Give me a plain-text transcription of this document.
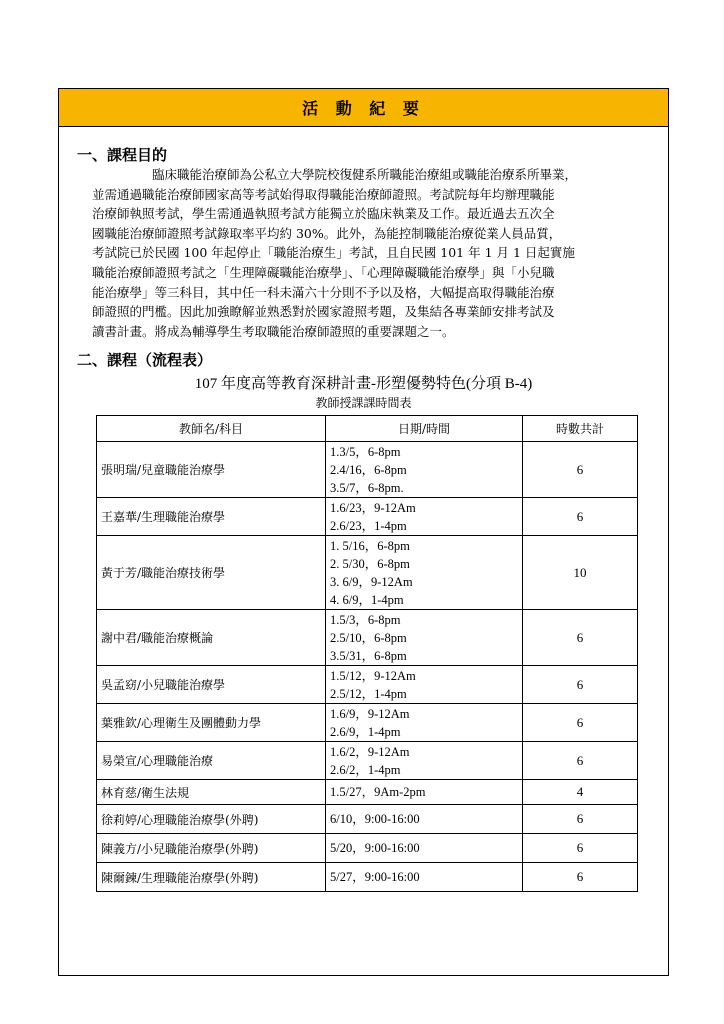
活 動 紀 要
一、課程目的
臨床職能治療師為公私立大學院校復健系所職能治療組或職能治療系所畢業，
並需通過職能治療師國家高等考試始得取得職能治療師證照。考試院每年均辦理職能
治療師執照考試，學生需通過執照考試方能獨立於臨床執業及工作。最近過去五次全
國職能治療師證照考試錄取率平均約 30%。此外，為能控制職能治療從業人員品質，
考試院已於民國 100 年起停止「職能治療生」考試，且自民國 101 年 1 月 1 日起實施
職能治療師證照考試之「生理障礙職能治療學」、「心理障礙職能治療學」與「小兒職
能治療學」等三科目，其中任一科未滿六十分則不予以及格，大幅提高取得職能治療
師證照的門檻。因此加強瞭解並熟悉對於國家證照考題，及集結各專業師安排考試及
讀書計畫。將成為輔導學生考取職能治療師證照的重要課題之一。
二、課程（流程表）
107 年度高等教育深耕計畫-形塑優勢特色(分項 B-4)
教師授課課時間表
教師名/科目	日期/時間	時數共計
張明瑞/兒童職能治療學	1.3/5，6-8pm
2.4/16，6-8pm
3.5/7，6-8pm.	6
王嘉華/生理職能治療學	1.6/23，9-12Am
2.6/23，1-4pm	6
黃于芳/職能治療技術學	1. 5/16，6-8pm
2. 5/30，6-8pm
3. 6/9，9-12Am
4. 6/9，1-4pm	10
謝中君/職能治療概論	1.5/3，6-8pm
2.5/10，6-8pm
3.5/31，6-8pm	6
吳孟窈/小兒職能治療學	1.5/12，9-12Am
2.5/12，1-4pm	6
葉雅欽/心理衛生及團體動力學	1.6/9，9-12Am
2.6/9，1-4pm	6
易榮宣/心理職能治療	1.6/2，9-12Am
2.6/2，1-4pm	6
林育慈/衛生法規	1.5/27，9Am-2pm	4
徐莉婷/心理職能治療學(外聘)	6/10，9:00-16:00	6
陳義方/小兒職能治療學(外聘)	5/20，9:00-16:00	6
陳爾鍊/生理職能治療學(外聘)	5/27，9:00-16:00	6
